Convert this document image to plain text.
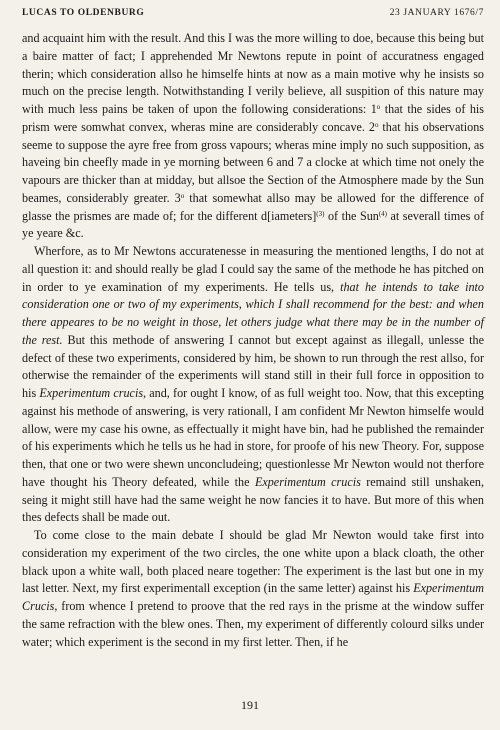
LUCAS TO OLDENBURG	23 JANUARY 1676/7

and acquaint him with the result. And this I was the more willing to doe, because this being but a baire matter of fact; I apprehended Mr Newtons repute in point of accuratness engaged therin; which consideration allso he himselfe hints at now as a main motive why he insists so much on the precise length. Notwithstanding I verily believe, all suspition of this nature may with much less pains be taken of upon the following considerations: 1$^o$ that the sides of his prism were somwhat convex, wheras mine are considerably concave. 2$^o$ that his observations seeme to suppose the ayre free from gross vapours; wheras mine imply no such supposition, as haveing bin cheefly made in ye morning between 6 and 7 a clocke at which time not onely the vapours are thicker than at midday, but allsoe the Section of the Atmosphere made by the Sun beames, considerably greater. 3$^o$ that somewhat allso may be allowed for the difference of glasse the prismes are made of; for the different d[iameters]$^{(3)}$ of the Sun$^{(4)}$ at severall times of ye yeare &c.

Wherfore, as to Mr Newtons accuratenesse in measuring the mentioned lengths, I do not at all question it: and should really be glad I could say the same of the methode he has pitched on in order to ye examination of my experiments. He tells us, that he intends to take into consideration one or two of my experiments, which I shall recommend for the best: and when there appeares to be no weight in those, let others judge what there may be in the number of the rest. But this methode of answering I cannot but except against as illegall, unlesse the defect of these two experiments, considered by him, be shown to run through the rest allso, for otherwise the remainder of the experiments will stand still in their full force in opposition to his Experimentum crucis, and, for ought I know, of as full weight too. Now, that this excepting against his methode of answering, is very rationall, I am confident Mr Newton himselfe would allow, were my case his owne, as effectually it might have bin, had he published the remainder of his experiments which he tells us he had in store, for proofe of his new Theory. For, suppose then, that one or two were shewn unconcludeing; questionlesse Mr Newton would not therfore have thought his Theory defeated, while the Experimentum crucis remaind still unshaken, seing it might still have had the same weight he now fancies it to have. But more of this when thes defects shall be made out.

To come close to the main debate I should be glad Mr Newton would take first into consideration my experiment of the two circles, the one white upon a black cloath, the other black upon a white wall, both placed neare together: The experiment is the last but one in my last letter. Next, my first experimentall exception (in the same letter) against his Experimentum Crucis, from whence I pretend to proove that the red rays in the prisme at the window suffer the same refraction with the blew ones. Then, my experiment of differently colourd silks under water; which experiment is the second in my first letter. Then, if he

191
